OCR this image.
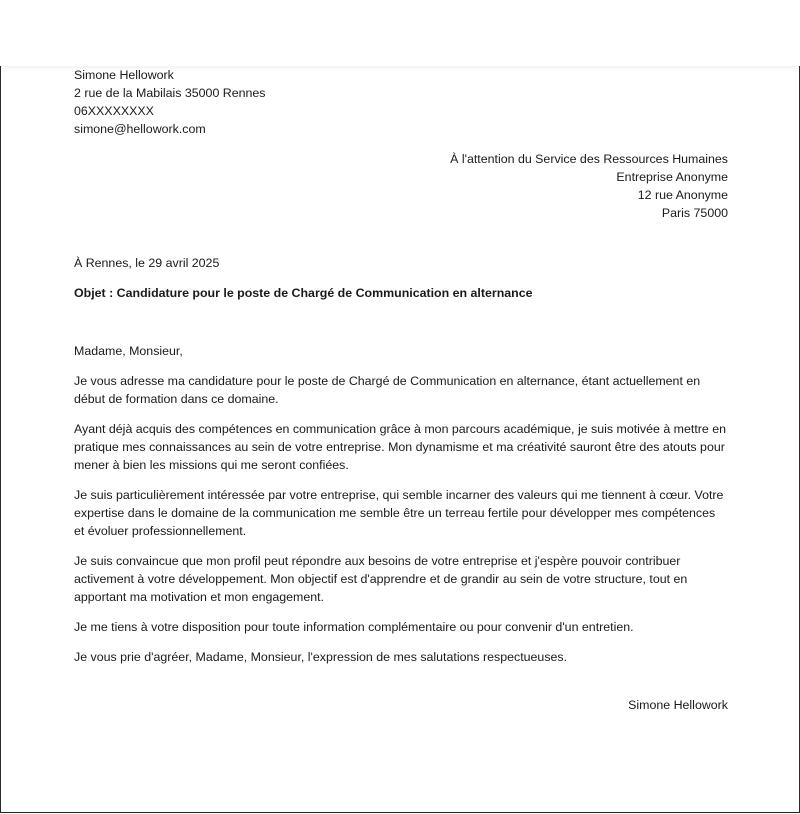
Simone Hellowork

2 rue de la Mabilais 35000 Rennes

06XXXXXXXX

simone@hellowork.com

À l'attention du Service des Ressources Humaines

Entreprise Anonyme

12 rue Anonyme

Paris 75000

À Rennes, le 29 avril 2025

Objet : Candidature pour le poste de Chargé de Communication en alternance

Madame, Monsieur,

Je vous adresse ma candidature pour le poste de Chargé de Communication en alternance, étant actuellement en début de formation dans ce domaine.

Ayant déjà acquis des compétences en communication grâce à mon parcours académique, je suis motivée à mettre en pratique mes connaissances au sein de votre entreprise. Mon dynamisme et ma créativité sauront être des atouts pour mener à bien les missions qui me seront confiées.

Je suis particulièrement intéressée par votre entreprise, qui semble incarner des valeurs qui me tiennent à cœur. Votre expertise dans le domaine de la communication me semble être un terreau fertile pour développer mes compétences et évoluer professionnellement.

Je suis convaincue que mon profil peut répondre aux besoins de votre entreprise et j'espère pouvoir contribuer activement à votre développement. Mon objectif est d'apprendre et de grandir au sein de votre structure, tout en apportant ma motivation et mon engagement.

Je me tiens à votre disposition pour toute information complémentaire ou pour convenir d'un entretien.

Je vous prie d'agréer, Madame, Monsieur, l'expression de mes salutations respectueuses.

Simone Hellowork
